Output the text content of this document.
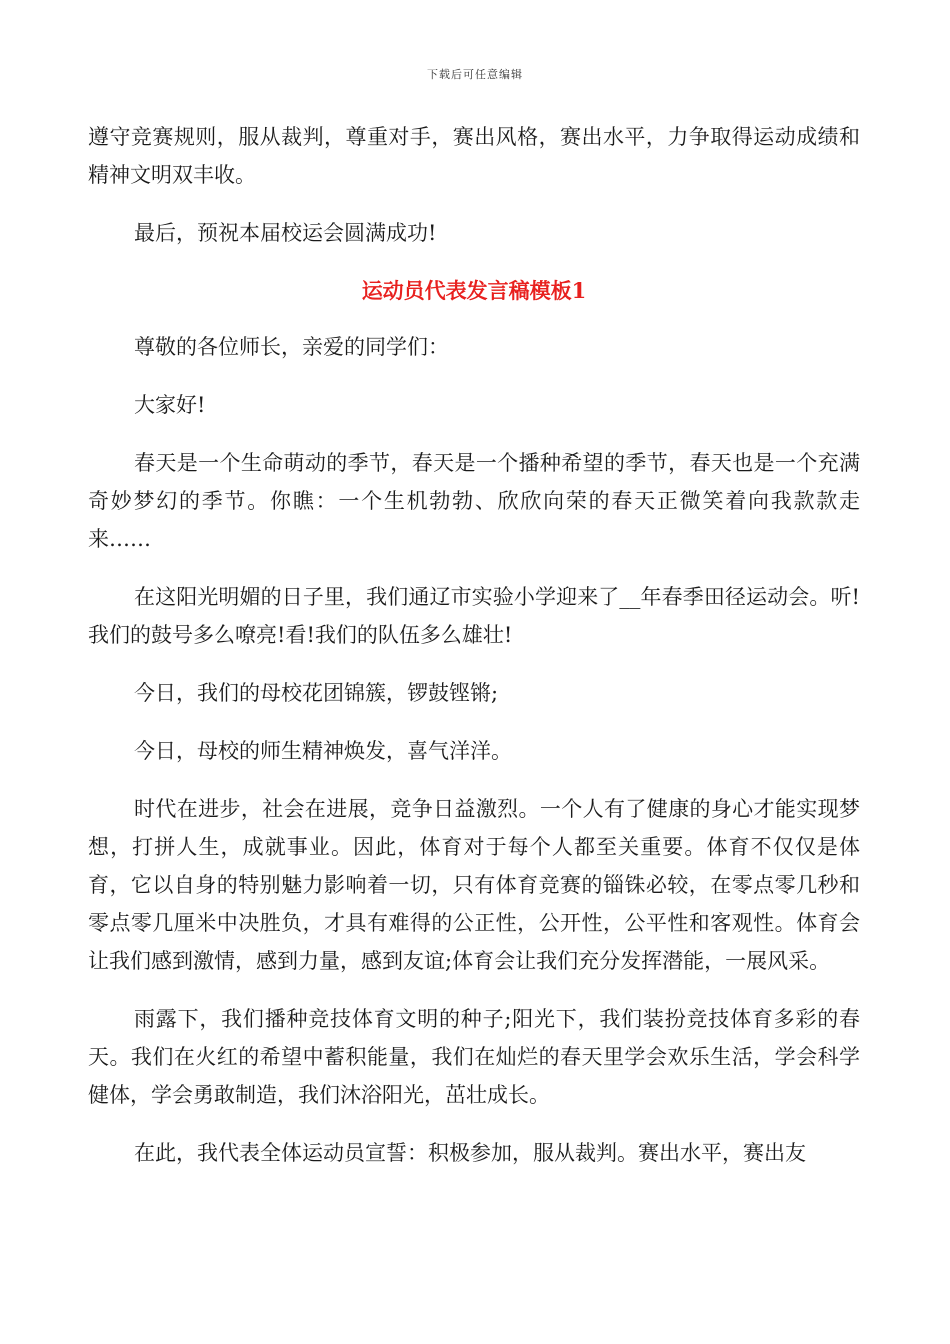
下载后可任意编辑

遵守竞赛规则，服从裁判，尊重对手，赛出风格，赛出水平，力争取得运动成绩和精神文明双丰收。

最后，预祝本届校运会圆满成功!

运动员代表发言稿模板1

尊敬的各位师长，亲爱的同学们：

大家好!

春天是一个生命萌动的季节，春天是一个播种希望的季节，春天也是一个充满奇妙梦幻的季节。你瞧：一个生机勃勃、欣欣向荣的春天正微笑着向我款款走来……

在这阳光明媚的日子里，我们通辽市实验小学迎来了__年春季田径运动会。听!我们的鼓号多么嘹亮!看!我们的队伍多么雄壮!

今日，我们的母校花团锦簇，锣鼓铿锵;

今日，母校的师生精神焕发，喜气洋洋。

时代在进步，社会在进展，竞争日益激烈。一个人有了健康的身心才能实现梦想，打拼人生，成就事业。因此，体育对于每个人都至关重要。体育不仅仅是体育，它以自身的特别魅力影响着一切，只有体育竞赛的锱铢必较，在零点零几秒和零点零几厘米中决胜负，才具有难得的公正性，公开性，公平性和客观性。体育会让我们感到激情，感到力量，感到友谊;体育会让我们充分发挥潜能，一展风采。

雨露下，我们播种竞技体育文明的种子;阳光下，我们装扮竞技体育多彩的春天。我们在火红的希望中蓄积能量，我们在灿烂的春天里学会欢乐生活，学会科学健体，学会勇敢制造，我们沐浴阳光，茁壮成长。

在此，我代表全体运动员宣誓：积极参加，服从裁判。赛出水平，赛出友
